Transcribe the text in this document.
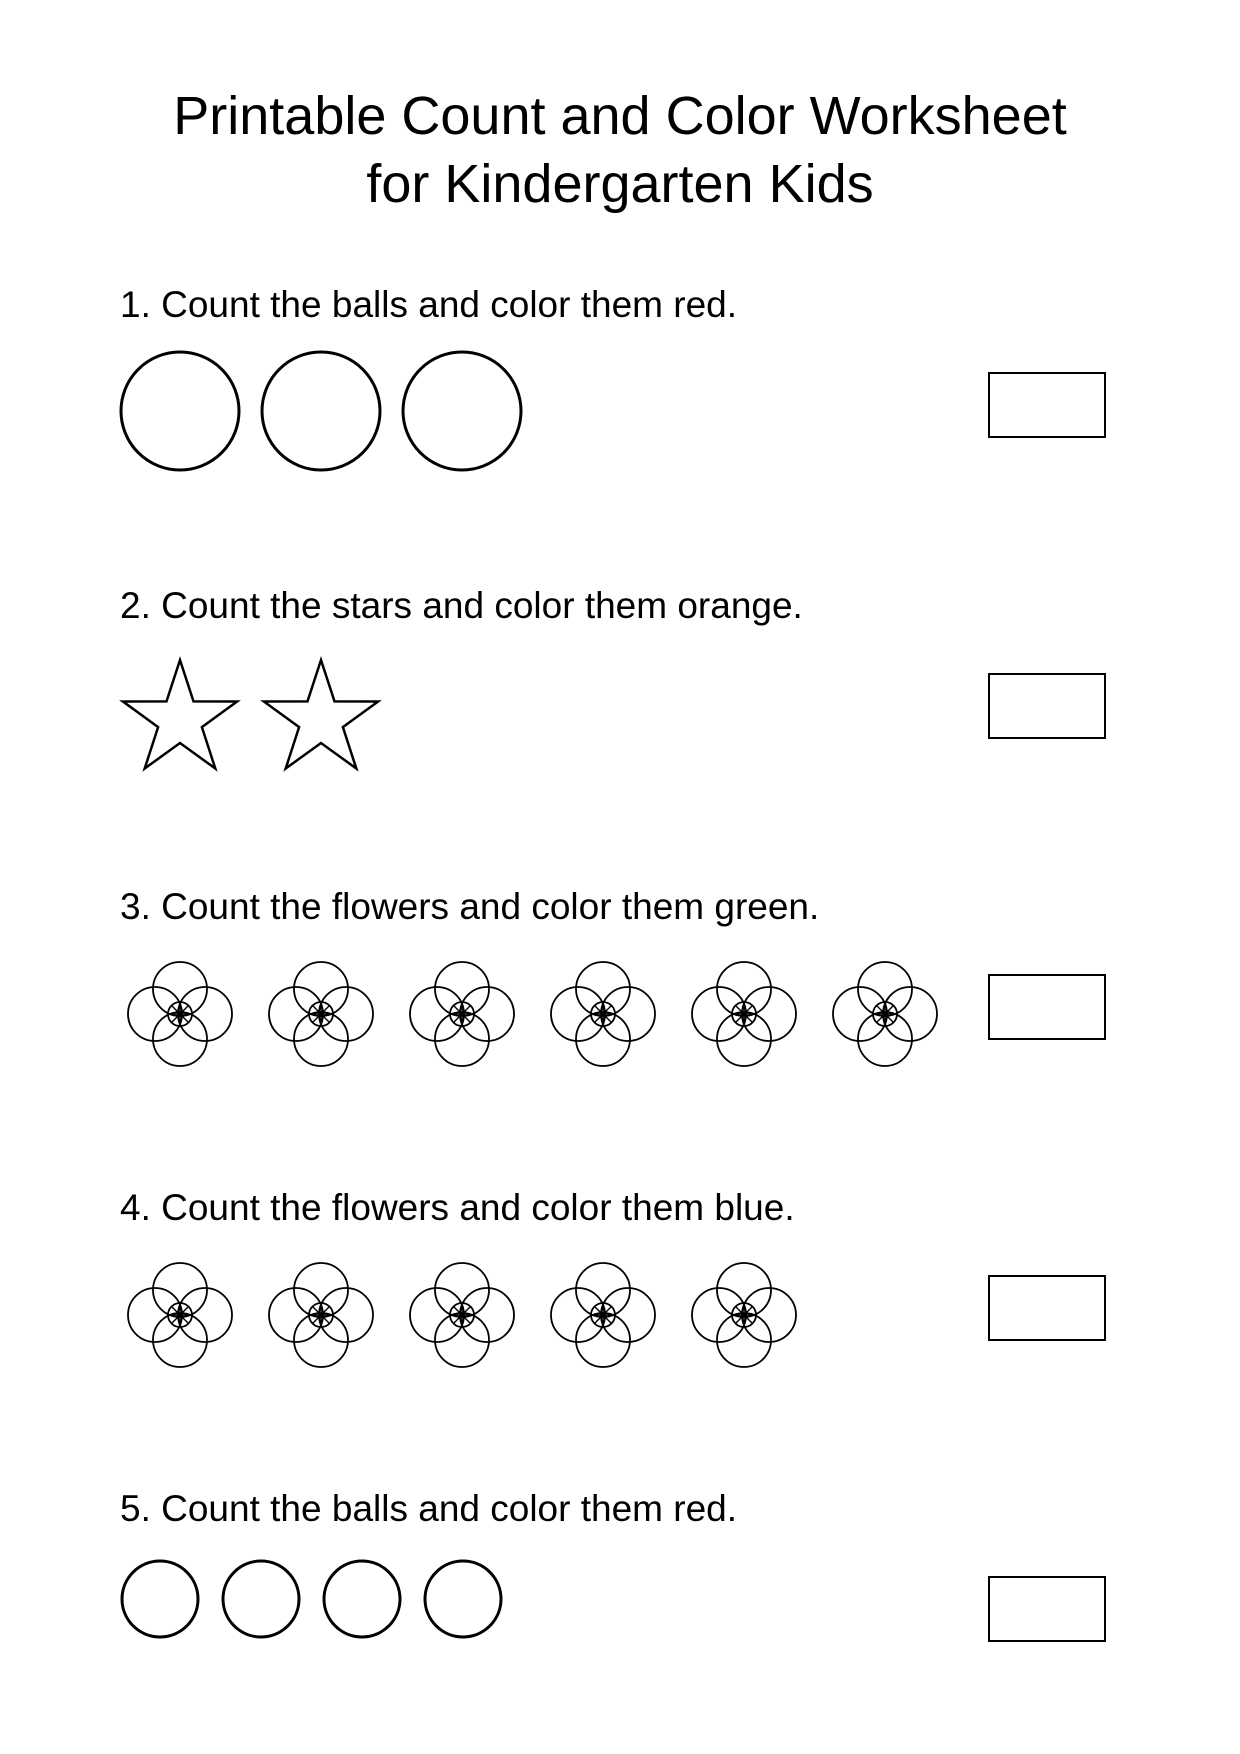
Printable Count and Color Worksheet
for Kindergarten Kids

1. Count the balls and color them red.

2. Count the stars and color them orange.

3. Count the flowers and color them green.

4. Count the flowers and color them blue.

5. Count the balls and color them red.
